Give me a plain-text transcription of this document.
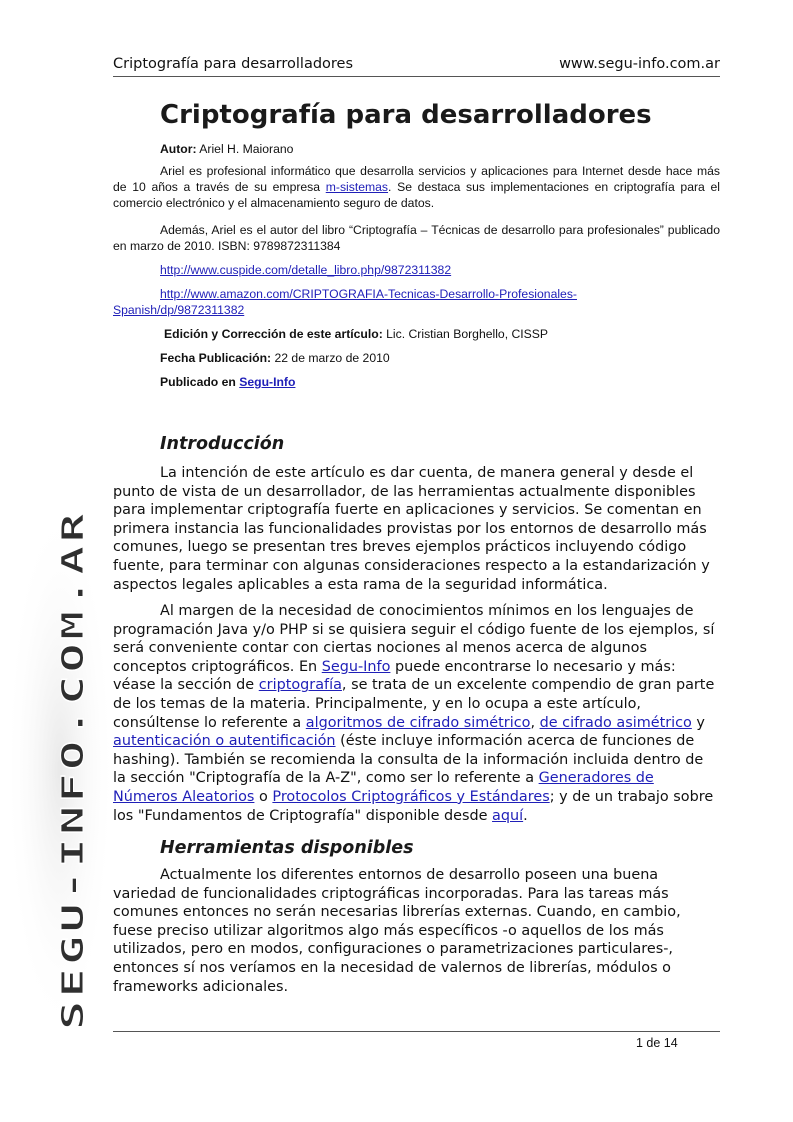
Criptografía para desarrolladores	www.segu-info.com.ar
SEGU-INFO.COM.AR
Criptografía para desarrolladores

Autor: Ariel H. Maiorano

Ariel es profesional informático que desarrolla servicios y aplicaciones para Internet desde hace más de 10 años a través de su empresa m-sistemas. Se destaca sus implementaciones en criptografía para el comercio electrónico y el almacenamiento seguro de datos.

Además, Ariel es el autor del libro “Criptografía – Técnicas de desarrollo para profesionales” publicado en marzo de 2010. ISBN: 9789872311384

http://www.cuspide.com/detalle_libro.php/9872311382

http://www.amazon.com/CRIPTOGRAFIA-Tecnicas-Desarrollo-Profesionales-
Spanish/dp/9872311382

Edición y Corrección de este artículo: Lic. Cristian Borghello, CISSP

Fecha Publicación: 22 de marzo de 2010

Publicado en Segu-Info

Introducción

La intención de este artículo es dar cuenta, de manera general y desde el punto de vista de un desarrollador, de las herramientas actualmente disponibles para implementar criptografía fuerte en aplicaciones y servicios. Se comentan en primera instancia las funcionalidades provistas por los entornos de desarrollo más comunes, luego se presentan tres breves ejemplos prácticos incluyendo código fuente, para terminar con algunas consideraciones respecto a la estandarización y aspectos legales aplicables a esta rama de la seguridad informática.

Al margen de la necesidad de conocimientos mínimos en los lenguajes de programación Java y/o PHP si se quisiera seguir el código fuente de los ejemplos, sí será conveniente contar con ciertas nociones al menos acerca de algunos conceptos criptográficos. En Segu-Info puede encontrarse lo necesario y más: véase la sección de criptografía, se trata de un excelente compendio de gran parte de los temas de la materia. Principalmente, y en lo ocupa a este artículo, consúltense lo referente a algoritmos de cifrado simétrico, de cifrado asimétrico y autenticación o autentificación (éste incluye información acerca de funciones de hashing). También se recomienda la consulta de la información incluida dentro de la sección "Criptografía de la A-Z", como ser lo referente a Generadores de Números Aleatorios o Protocolos Criptográficos y Estándares; y de un trabajo sobre los "Fundamentos de Criptografía" disponible desde aquí.

Herramientas disponibles

Actualmente los diferentes entornos de desarrollo poseen una buena variedad de funcionalidades criptográficas incorporadas. Para las tareas más comunes entonces no serán necesarias librerías externas. Cuando, en cambio, fuese preciso utilizar algoritmos algo más específicos -o aquellos de los más utilizados, pero en modos, configuraciones o parametrizaciones particulares-, entonces sí nos veríamos en la necesidad de valernos de librerías, módulos o frameworks adicionales.

1 de 14
